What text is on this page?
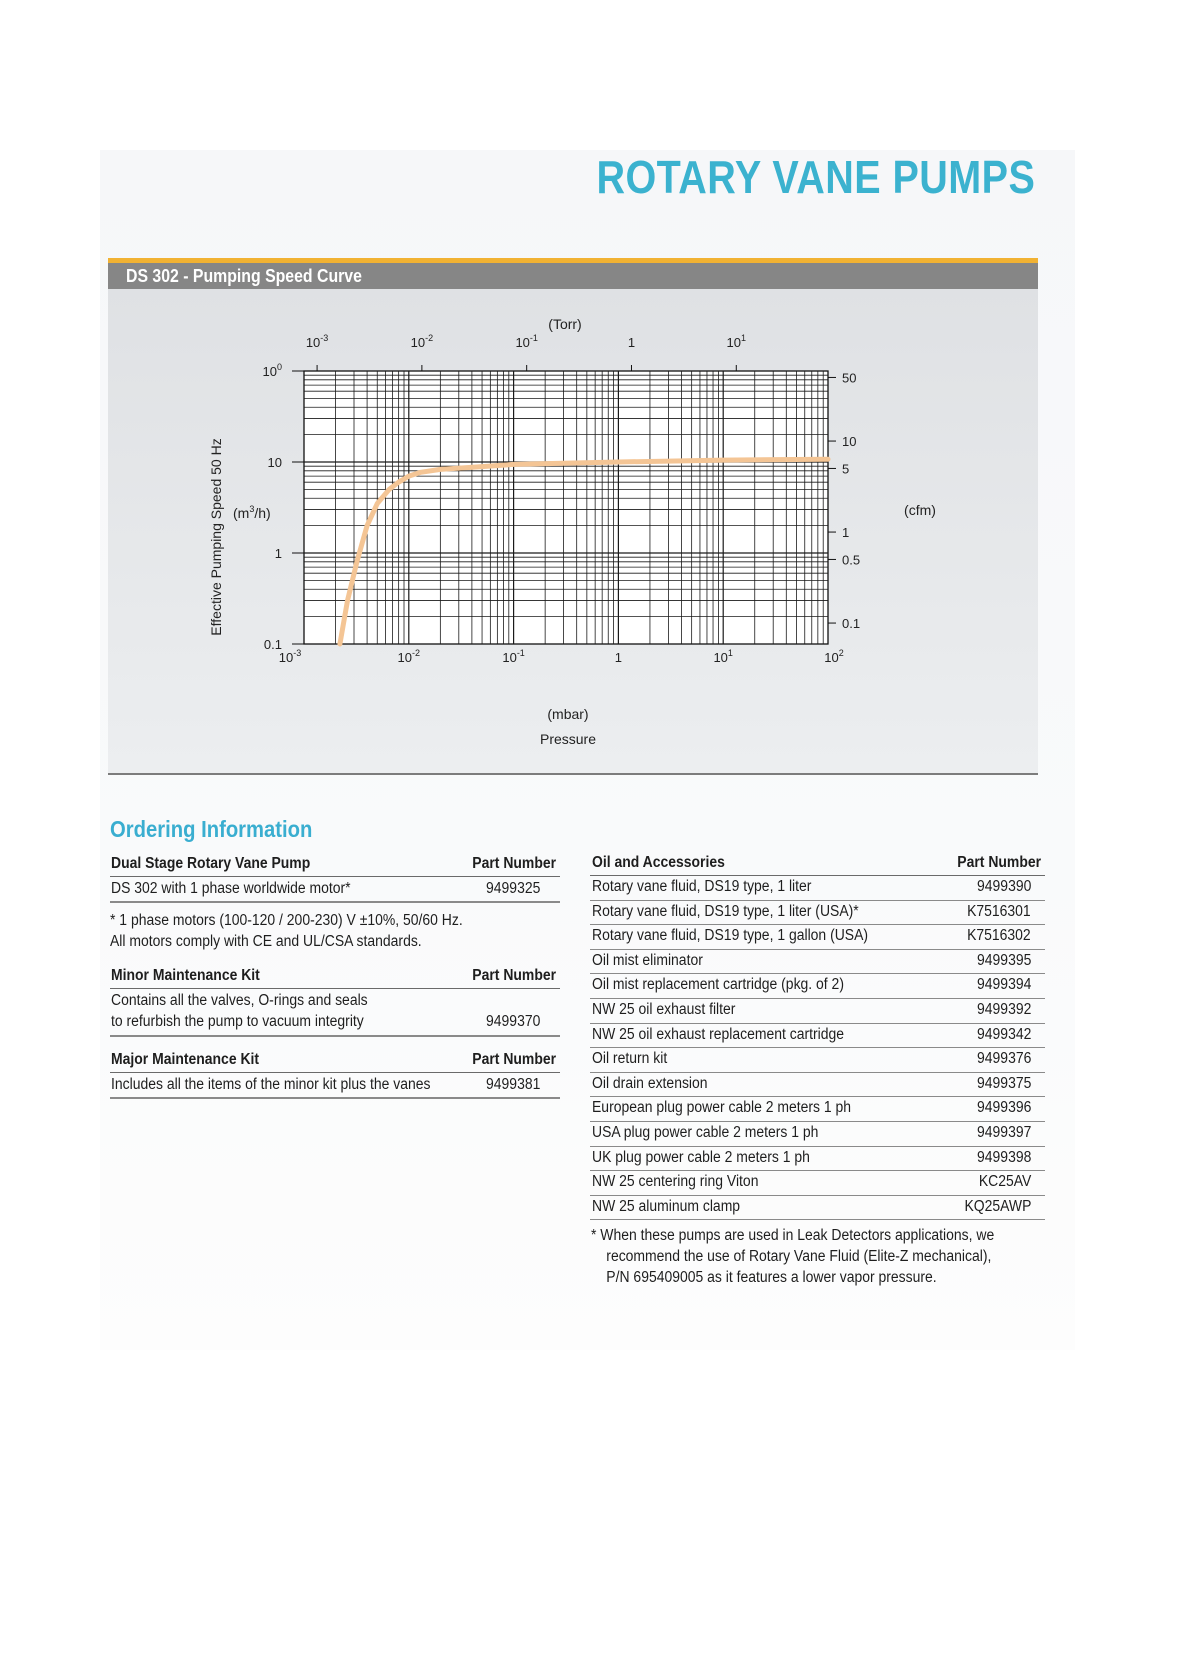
ROTARY VANE PUMPS
DS 302 - Pumping Speed Curve
(Torr)
$10^{-3}$	$10^{-2}$	$10^{-1}$	1	$10^1$
$10^{-3}$	$10^{-2}$	$10^{-1}$	1	$10^1$	$10^2$
$10^0$
10
1
0.1
50
10
5
1
0.5
0.1
(mbar)
Pressure
Effective Pumping Speed 50 Hz $(m^3/h)$	(cfm)
Ordering Information
Dual Stage Rotary Vane Pump	Part Number
DS 302 with 1 phase worldwide motor*	9499325
* 1 phase motors (100-120 / 200-230) V ±10%, 50/60 Hz.
All motors comply with CE and UL/CSA standards.
Minor Maintenance Kit	Part Number
Contains all the valves, O-rings and seals
to refurbish the pump to vacuum integrity	9499370
Major Maintenance Kit	Part Number
Includes all the items of the minor kit plus the vanes	9499381
Oil and Accessories	Part Number
Rotary vane fluid, DS19 type, 1 liter	9499390
Rotary vane fluid, DS19 type, 1 liter (USA)*	K7516301
Rotary vane fluid, DS19 type, 1 gallon (USA)	K7516302
Oil mist eliminator	9499395
Oil mist replacement cartridge (pkg. of 2)	9499394
NW 25 oil exhaust filter	9499392
NW 25 oil exhaust replacement cartridge	9499342
Oil return kit	9499376
Oil drain extension	9499375
European plug power cable 2 meters 1 ph	9499396
USA plug power cable 2 meters 1 ph	9499397
UK plug power cable 2 meters 1 ph	9499398
NW 25 centering ring Viton	KC25AV
NW 25 aluminum clamp	KQ25AWP
* When these pumps are used in Leak Detectors applications, we
recommend the use of Rotary Vane Fluid (Elite-Z mechanical),
P/N 695409005 as it features a lower vapor pressure.
